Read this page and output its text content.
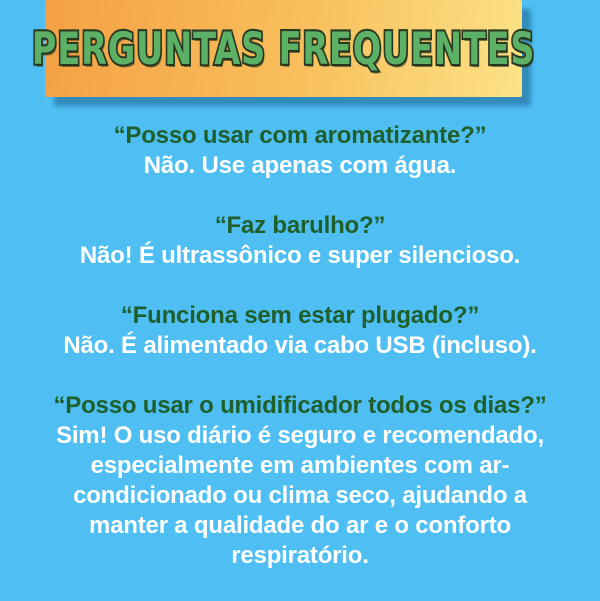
PERGUNTAS FREQUENTES

“Posso usar com aromatizante?”

Não. Use apenas com água.

“Faz barulho?”

Não! É ultrassônico e super silencioso.

“Funciona sem estar plugado?”

Não. É alimentado via cabo USB (incluso).

“Posso usar o umidificador todos os dias?”

Sim! O uso diário é seguro e recomendado,

especialmente em ambientes com ar-

condicionado ou clima seco, ajudando a

manter a qualidade do ar e o conforto

respiratório.
